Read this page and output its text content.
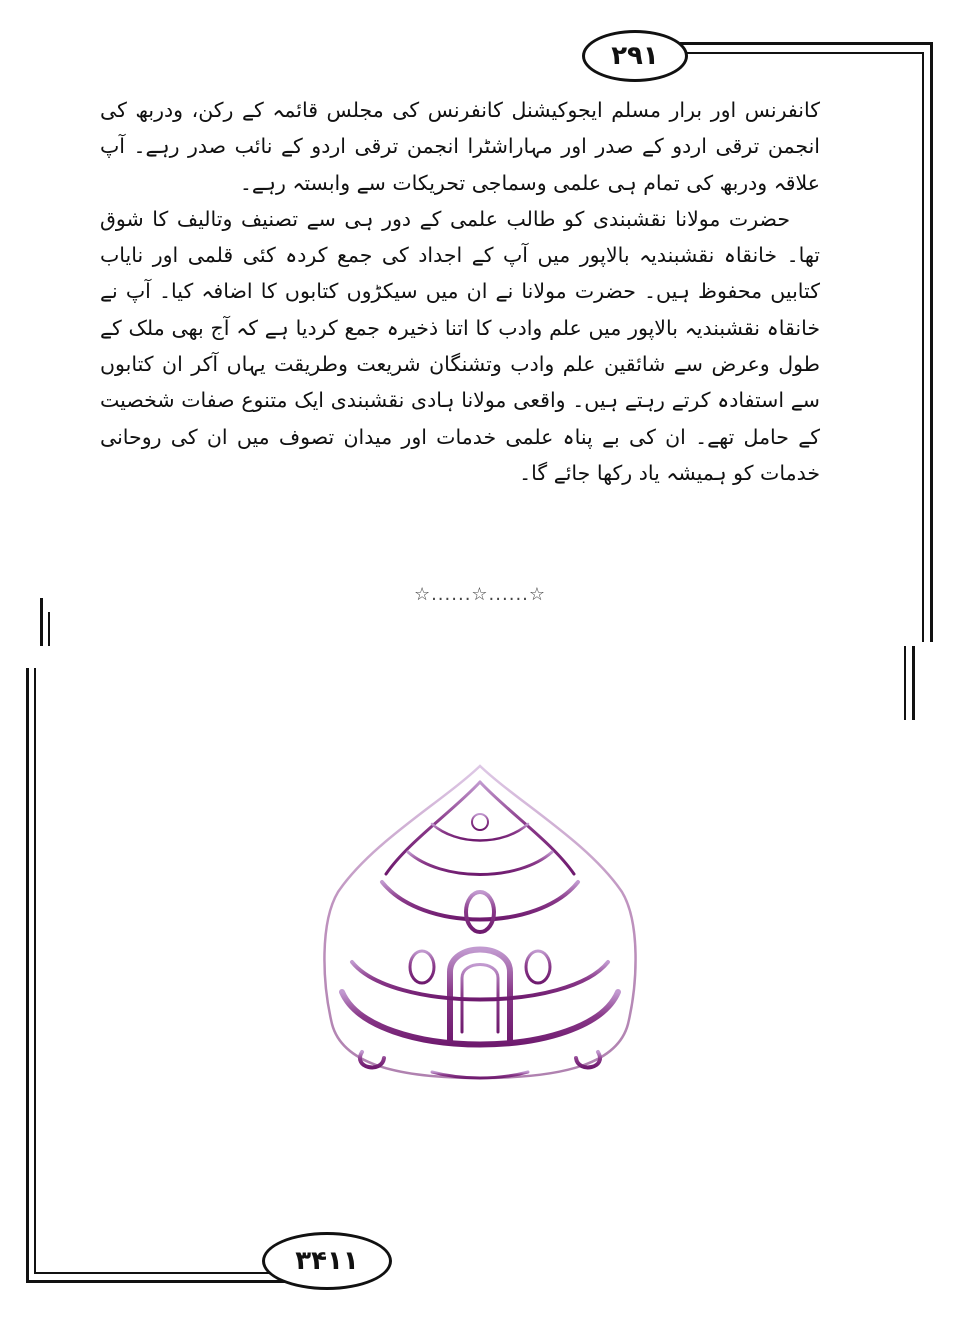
۲۹۱

کانفرنس اور برار مسلم ایجوکیشنل کانفرنس کی مجلس قائمہ کے رکن، ودربھ کی انجمن ترقی اردو کے صدر اور مہاراشٹرا انجمن ترقی اردو کے نائب صدر رہے۔ آپ علاقہ ودربھ کی تمام ہی علمی وسماجی تحریکات سے وابستہ رہے۔

حضرت مولانا نقشبندی کو طالب علمی کے دور ہی سے تصنیف وتالیف کا شوق تھا۔ خانقاہ نقشبندیہ بالاپور میں آپ کے اجداد کی جمع کردہ کئی قلمی اور نایاب کتابیں محفوظ ہیں۔ حضرت مولانا نے ان میں سیکڑوں کتابوں کا اضافہ کیا۔ آپ نے خانقاہ نقشبندیہ بالاپور میں علم وادب کا اتنا ذخیرہ جمع کردیا ہے کہ آج بھی ملک کے طول وعرض سے شائقین علم وادب وتشنگان شریعت وطریقت یہاں آکر ان کتابوں سے استفادہ کرتے رہتے ہیں۔ واقعی مولانا ہادی نقشبندی ایک متنوع صفات شخصیت کے حامل تھے۔ ان کی بے پناہ علمی خدمات اور میدان تصوف میں ان کی روحانی خدمات کو ہمیشہ یاد رکھا جائے گا۔

☆......☆......☆
۳۴۱۱
